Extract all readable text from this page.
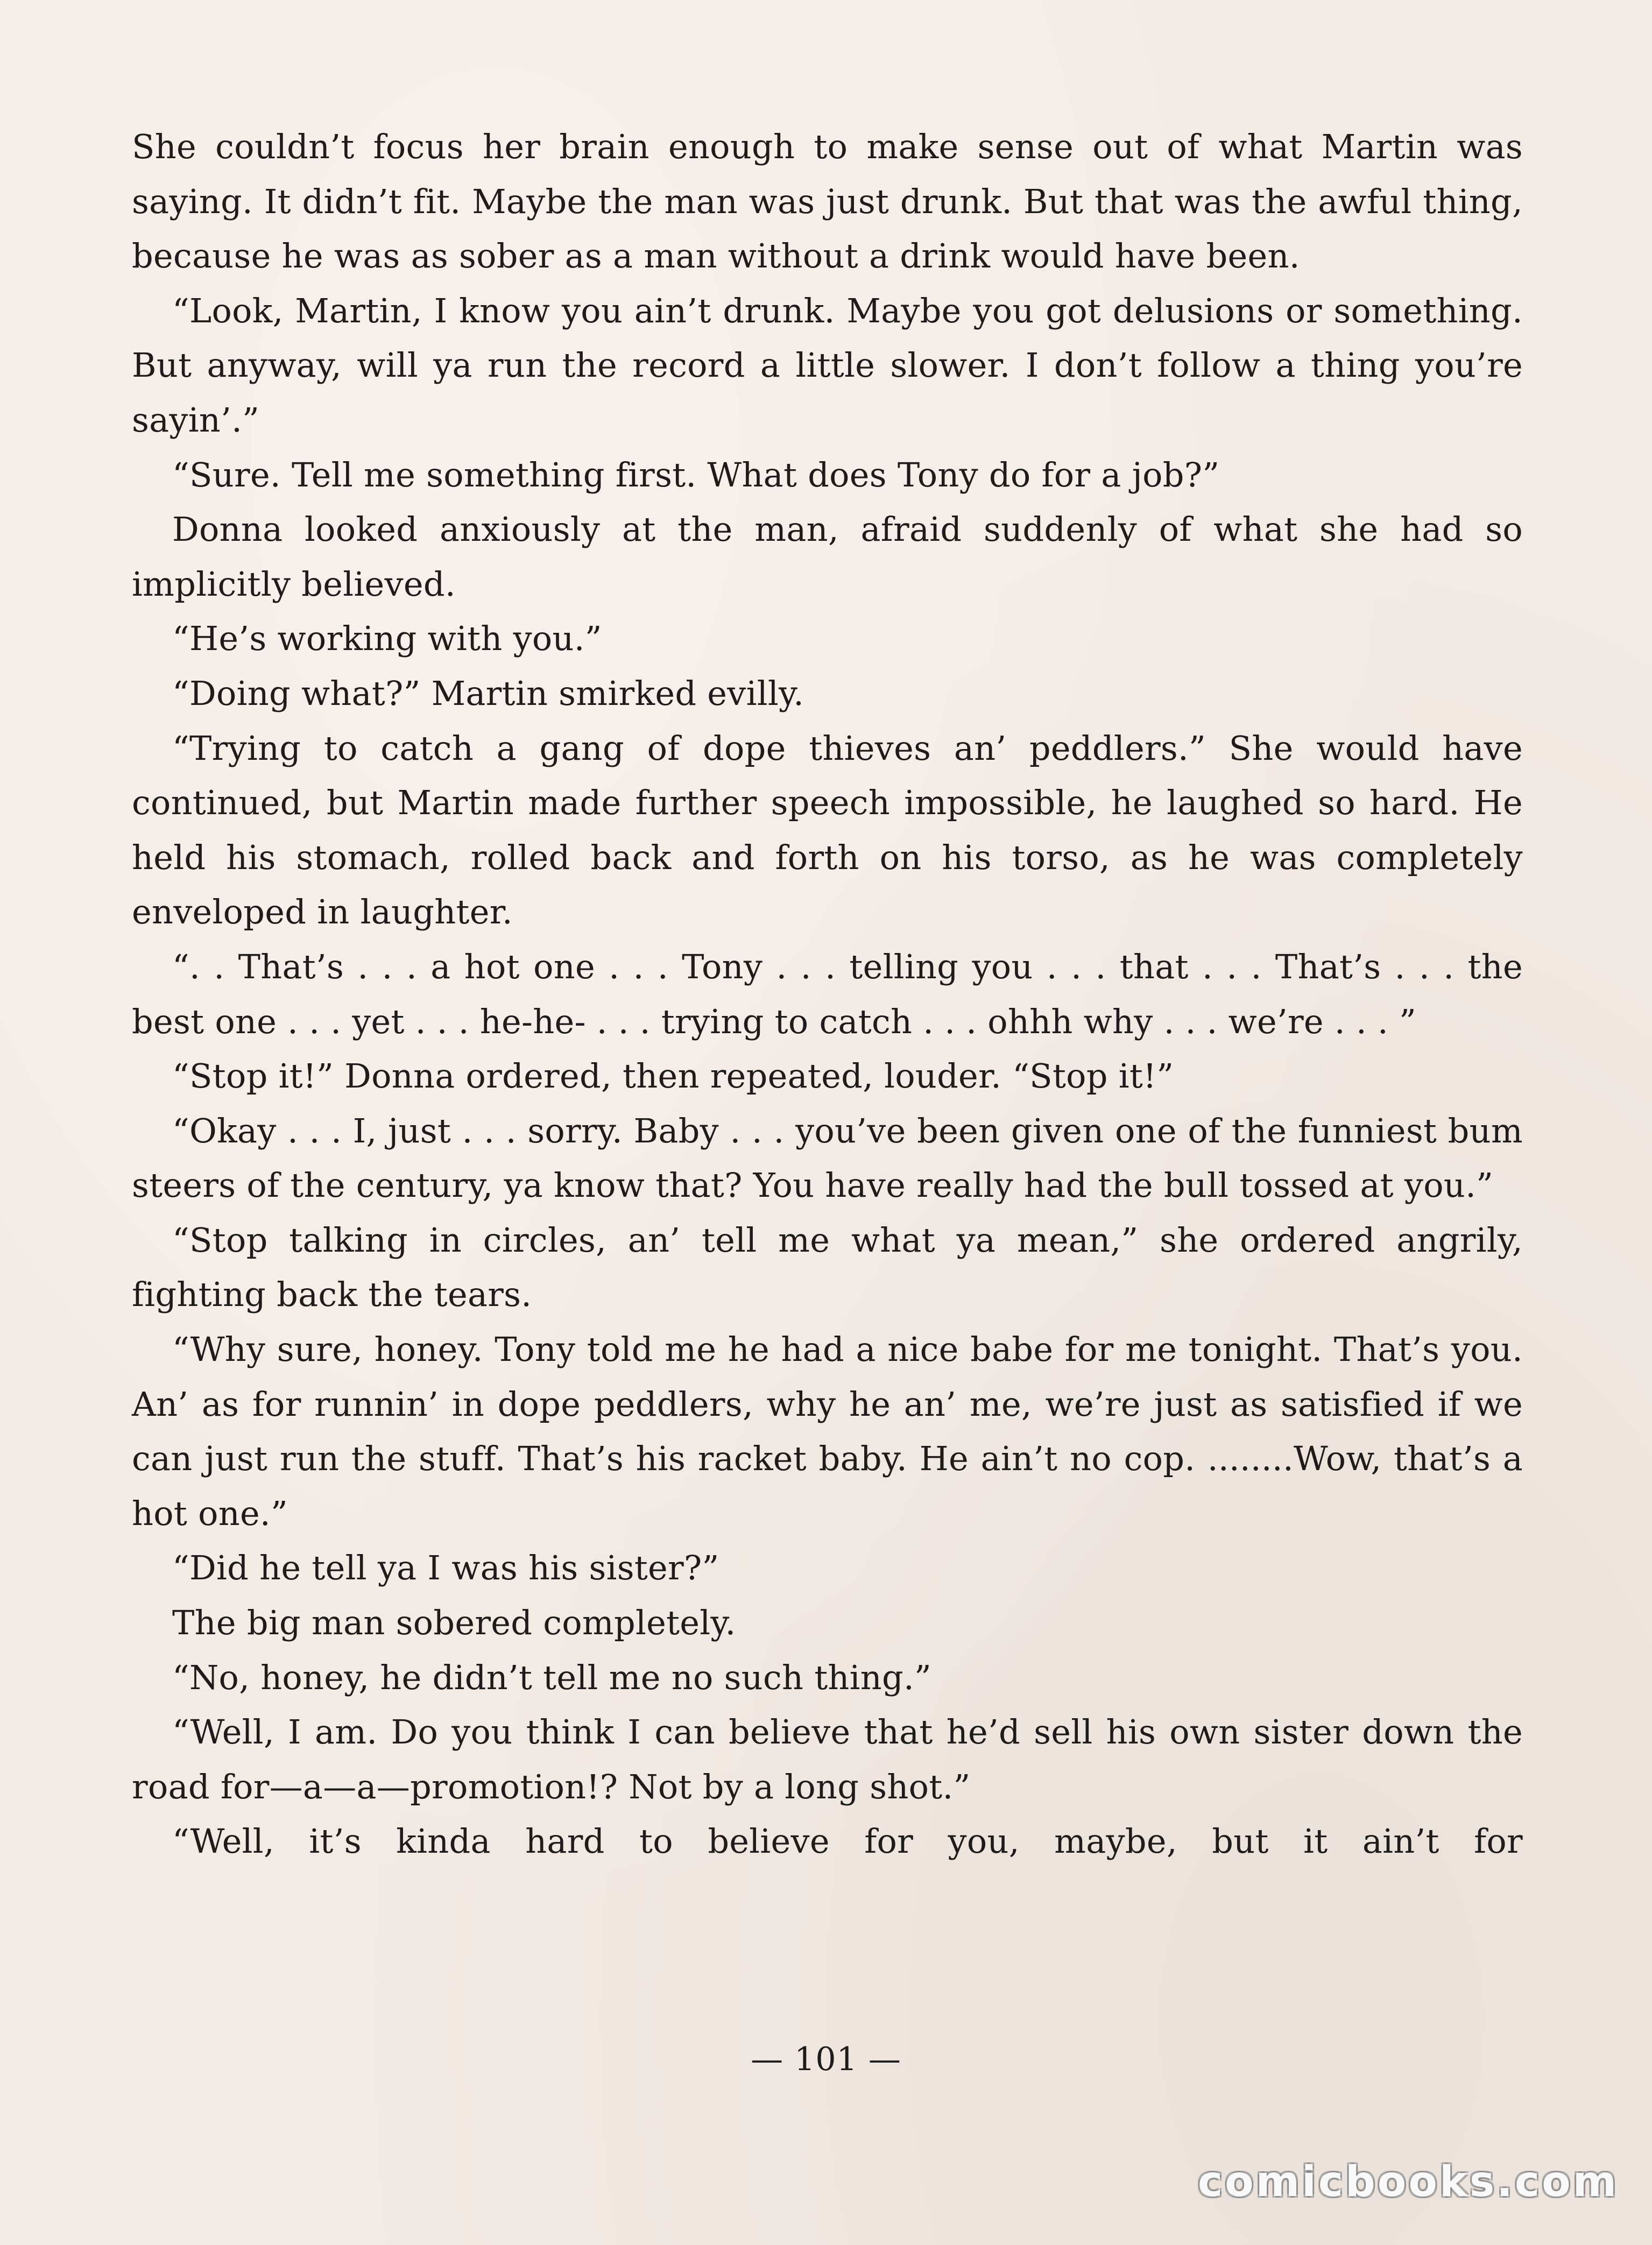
She couldn’t focus her brain enough to make sense out of what Martin was saying. It didn’t fit. Maybe the man was just drunk. But that was the awful thing, because he was as sober as a man without a drink would have been.

“Look, Martin, I know you ain’t drunk. Maybe you got delusions or something. But anyway, will ya run the record a little slower. I don’t follow a thing you’re sayin’.”

“Sure. Tell me something first. What does Tony do for a job?”

Donna looked anxiously at the man, afraid suddenly of what she had so implicitly believed.

“He’s working with you.”

“Doing what?” Martin smirked evilly.

“Trying to catch a gang of dope thieves an’ peddlers.” She would have continued, but Martin made further speech impossible, he laughed so hard. He held his stomach, rolled back and forth on his torso, as he was completely enveloped in laughter.

“. . That’s . . . a hot one . . . Tony . . . telling you . . . that . . . That’s . . . the best one . . . yet . . . he-he- . . . trying to catch . . . ohhh why . . . we’re . . . ”

“Stop it!” Donna ordered, then repeated, louder. “Stop it!”

“Okay . . . I, just . . . sorry. Baby . . . you’ve been given one of the funniest bum steers of the century, ya know that? You have really had the bull tossed at you.”

“Stop talking in circles, an’ tell me what ya mean,” she ordered angrily, fighting back the tears.

“Why sure, honey. Tony told me he had a nice babe for me tonight. That’s you. An’ as for runnin’ in dope peddlers, why he an’ me, we’re just as satisfied if we can just run the stuff. That’s his racket baby. He ain’t no cop. ........Wow, that’s a hot one.”

“Did he tell ya I was his sister?”

The big man sobered completely.

“No, honey, he didn’t tell me no such thing.”

“Well, I am. Do you think I can believe that he’d sell his own sister down the road for—a—a—promotion!? Not by a long shot.”

“Well, it’s kinda hard to believe for you, maybe, but it ain’t for

— 101 —
comicbooks.com
